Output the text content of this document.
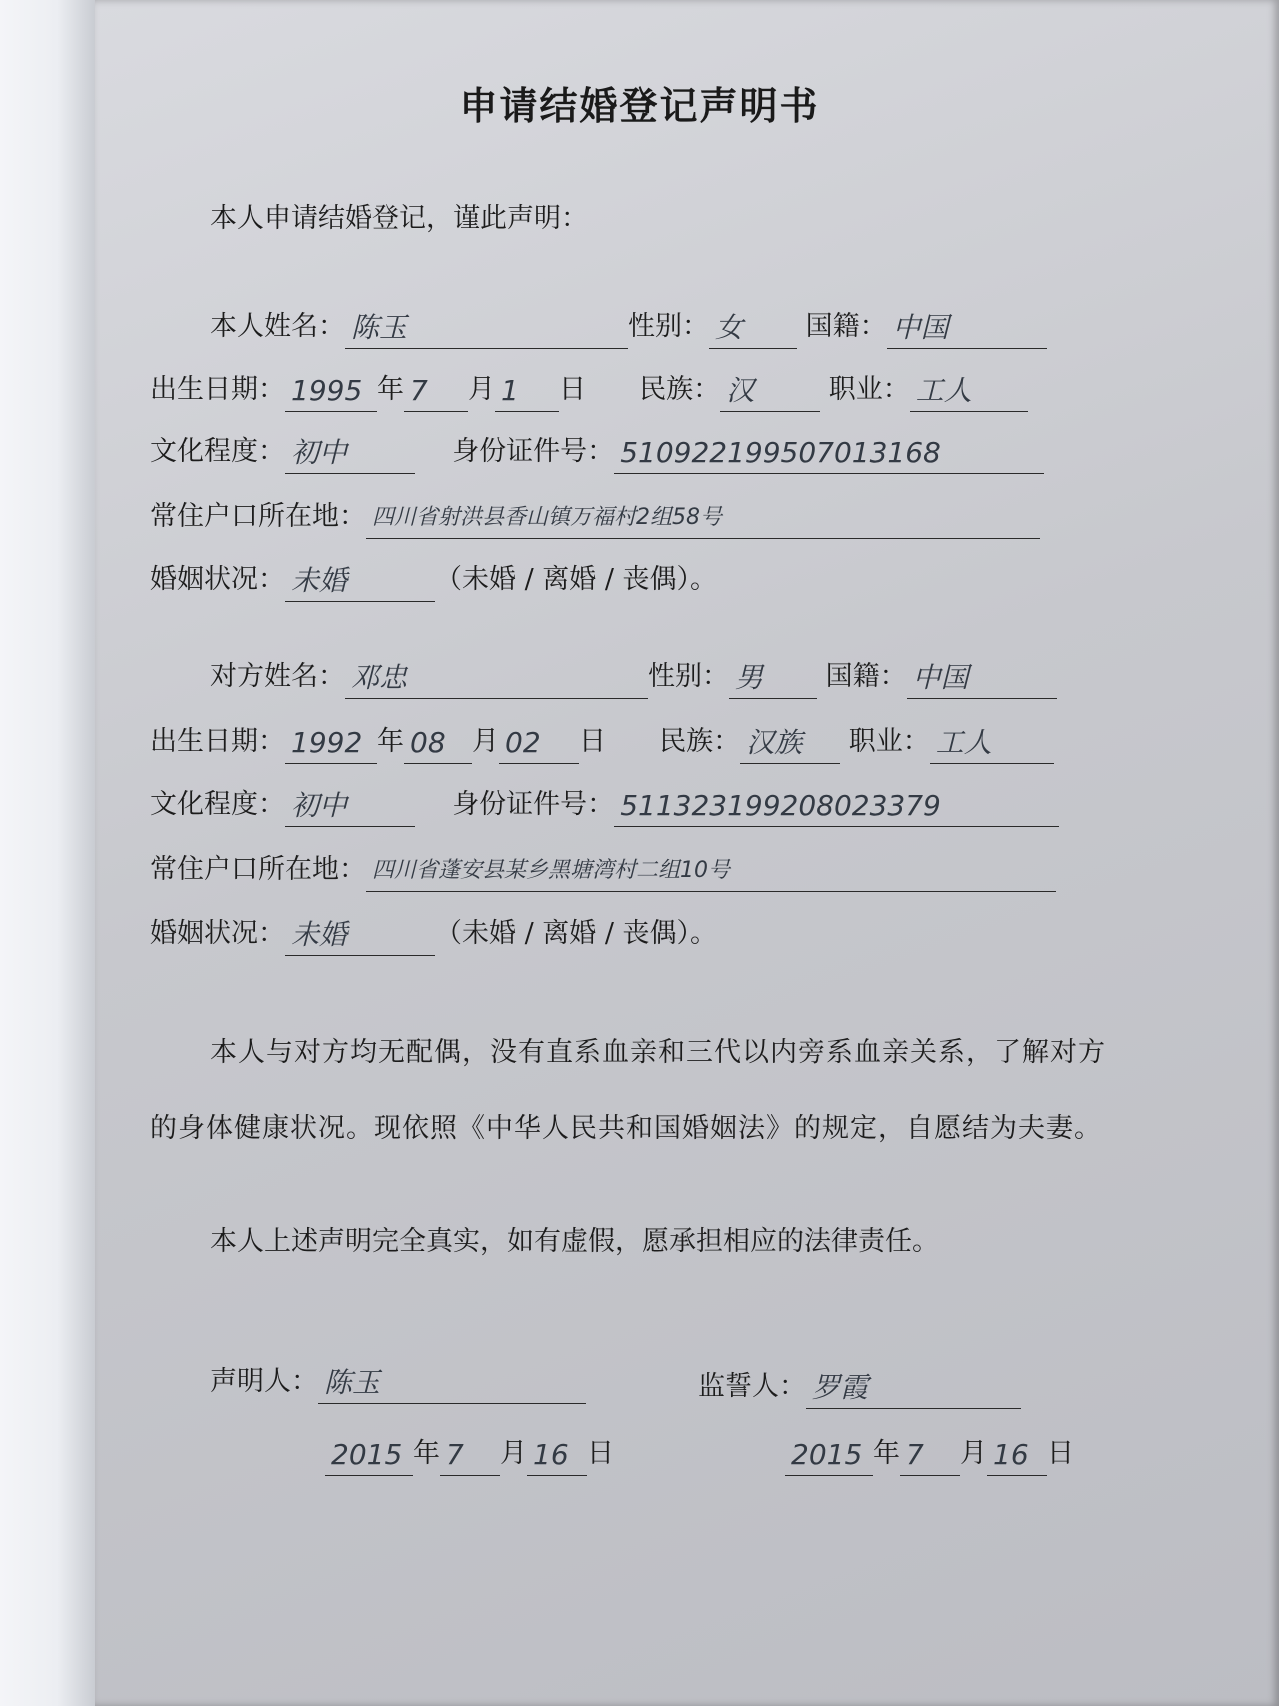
申请结婚登记声明书
本人申请结婚登记，谨此声明：
本人姓名： 陈玉	性别： 女 国籍： 中国
出生日期： 1995 年 7 月 1 日 民族： 汉	职业： 工人
文化程度： 初中	身份证件号： 510922199507013168
常住户口所在地： 四川省射洪县香山镇万福村2组58号
婚姻状况： 未婚	（未婚 / 离婚 / 丧偶）。
对方姓名： 邓忠	性别： 男 国籍： 中国
出生日期： 1992 年 08 月 02 日 民族： 汉族 职业： 工人
文化程度： 初中	身份证件号： 511323199208023379
常住户口所在地： 四川省蓬安县某乡黑塘湾村二组10号
婚姻状况： 未婚	（未婚 / 离婚 / 丧偶）。
本人与对方均无配偶，没有直系血亲和三代以内旁系血亲关系，了解对方的身体健康状况。现依照《中华人民共和国婚姻法》的规定，自愿结为夫妻。
本人上述声明完全真实，如有虚假，愿承担相应的法律责任。
声明人： 陈玉	监誓人： 罗霞
2015 年 7 月 16 日	2015 年 7 月 16 日
